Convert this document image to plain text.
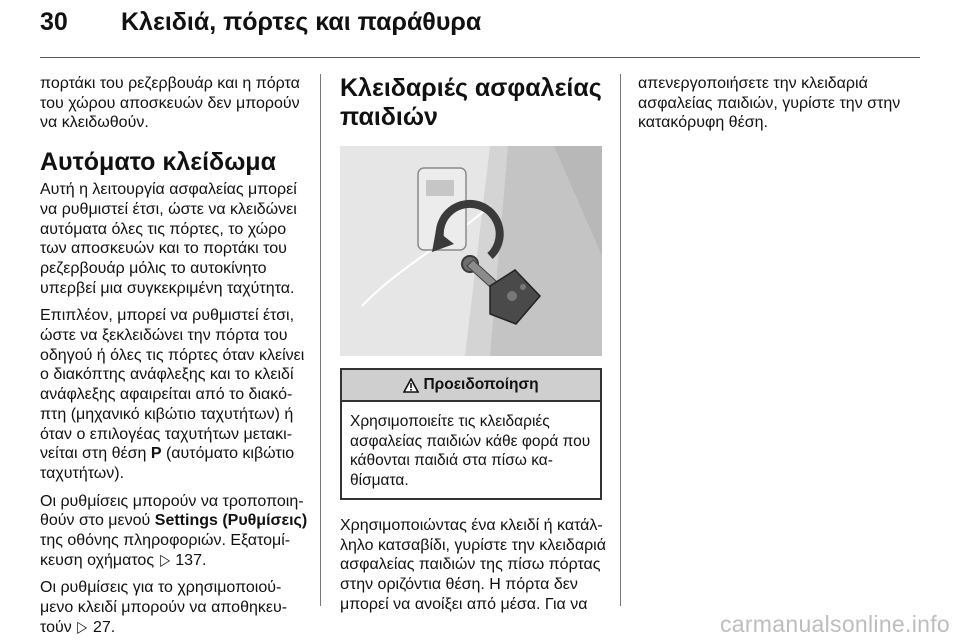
30 Κλειδιά, πόρτες και παράθυρα

πορτάκι του ρεζερβουάρ και η πόρτα του χώρου αποσκευών δεν μπορούν να κλειδωθούν.

Αυτόματο κλείδωμα

Αυτή η λειτουργία ασφαλείας μπορεί να ρυθμιστεί έτσι, ώστε να κλειδώνει αυτόματα όλες τις πόρτες, το χώρο των αποσκευών και το πορτάκι του ρεζερβουάρ μόλις το αυτοκίνητο υπερβεί μια συγκεκριμένη ταχύτητα.

Επιπλέον, μπορεί να ρυθμιστεί έτσι, ώστε να ξεκλειδώνει την πόρτα του οδηγού ή όλες τις πόρτες όταν κλείνει ο διακόπτης ανάφλεξης και το κλειδί ανάφλεξης αφαιρείται από το διακό- πτη (μηχανικό κιβώτιο ταχυτήτων) ή όταν ο επιλογέας ταχυτήτων μετακι- νείται στη θέση P (αυτόματο κιβώτιο ταχυτήτων).

Οι ρυθμίσεις μπορούν να τροποποιη- θούν στο μενού Settings (Ρυθμίσεις) της οθόνης πληροφοριών. Εξατομί- κευση οχήματος ▷ 137.

Οι ρυθμίσεις για το χρησιμοποιού- μενο κλειδί μπορούν να αποθηκευ- τούν ▷ 27.

Κλειδαριές ασφαλείας παιδιών
Προειδοποίηση
Χρησιμοποιείτε τις κλειδαριές ασφαλείας παιδιών κάθε φορά που κάθονται παιδιά στα πίσω κα- θίσματα.

Χρησιμοποιώντας ένα κλειδί ή κατάλ- ληλο κατσαβίδι, γυρίστε την κλειδαριά ασφαλείας παιδιών της πίσω πόρτας στην οριζόντια θέση. Η πόρτα δεν μπορεί να ανοίξει από μέσα. Για να

απενεργοποιήσετε την κλειδαριά ασφαλείας παιδιών, γυρίστε την στην κατακόρυφη θέση.

carmanualsonline.info
